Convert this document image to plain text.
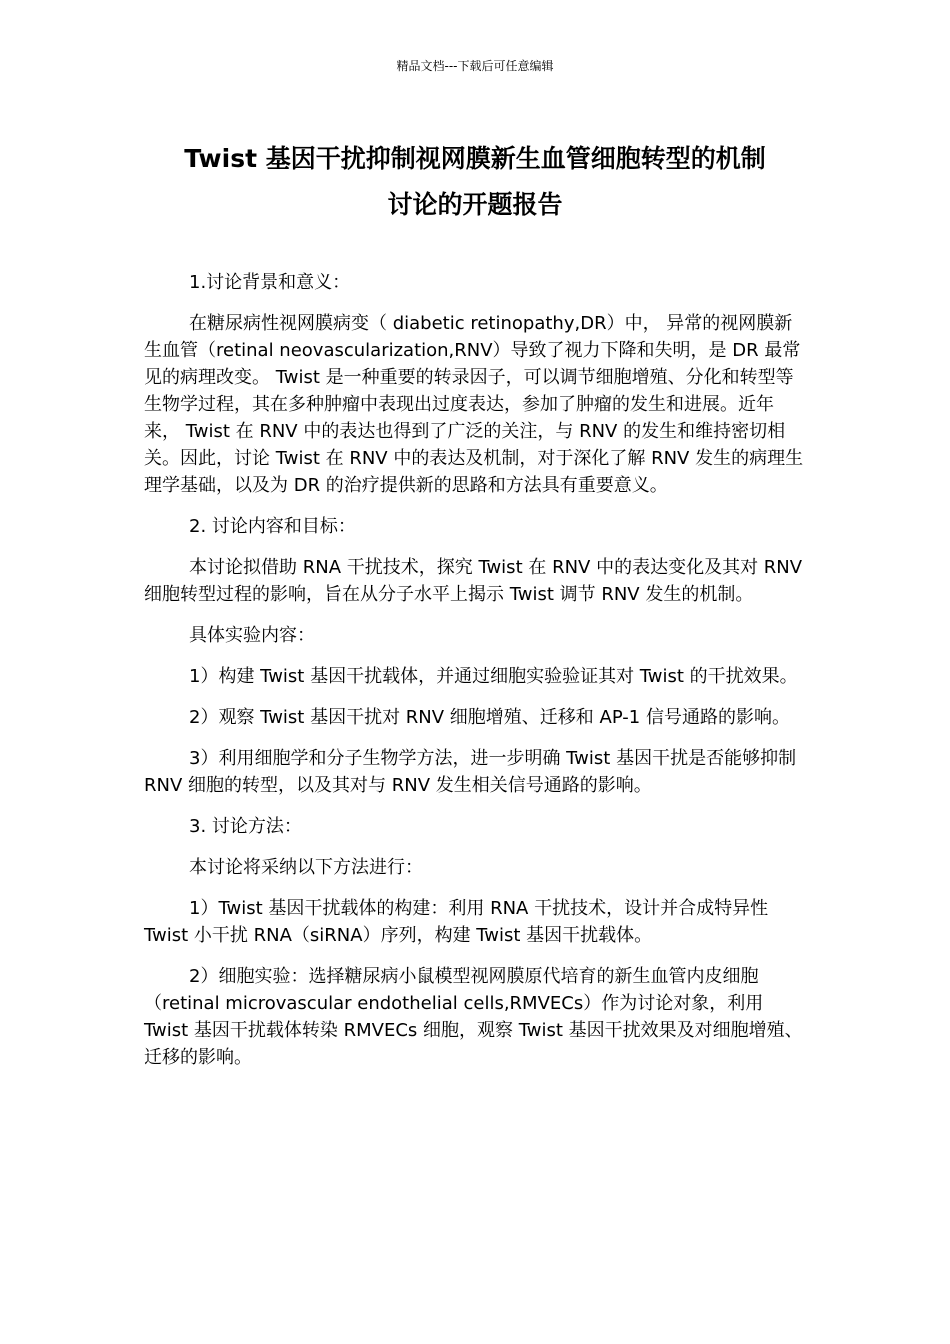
精品文档---下载后可任意编辑
Twist 基因干扰抑制视网膜新生血管细胞转型的机制
讨论的开题报告

1.讨论背景和意义：

在糖尿病性视网膜病变（ diabetic retinopathy,DR）中， 异常的视网膜新生血管（retinal neovascularization,RNV）导致了视力下降和失明，是 DR 最常见的病理改变。 Twist 是一种重要的转录因子，可以调节细胞增殖、分化和转型等生物学过程，其在多种肿瘤中表现出过度表达，参加了肿瘤的发生和进展。近年来， Twist 在 RNV 中的表达也得到了广泛的关注，与 RNV 的发生和维持密切相关。因此，讨论 Twist 在 RNV 中的表达及机制，对于深化了解 RNV 发生的病理生理学基础，以及为 DR 的治疗提供新的思路和方法具有重要意义。

2. 讨论内容和目标：

本讨论拟借助 RNA 干扰技术，探究 Twist 在 RNV 中的表达变化及其对 RNV 细胞转型过程的影响，旨在从分子水平上揭示 Twist 调节 RNV 发生的机制。

具体实验内容：

1）构建 Twist 基因干扰载体，并通过细胞实验验证其对 Twist 的干扰效果。

2）观察 Twist 基因干扰对 RNV 细胞增殖、迁移和 AP-1 信号通路的影响。

3）利用细胞学和分子生物学方法，进一步明确 Twist 基因干扰是否能够抑制 RNV 细胞的转型，以及其对与 RNV 发生相关信号通路的影响。

3. 讨论方法：

本讨论将采纳以下方法进行：

1）Twist 基因干扰载体的构建：利用 RNA 干扰技术，设计并合成特异性 Twist 小干扰 RNA（siRNA）序列，构建 Twist 基因干扰载体。

2）细胞实验：选择糖尿病小鼠模型视网膜原代培育的新生血管内皮细胞（retinal microvascular endothelial cells,RMVECs）作为讨论对象，利用 Twist 基因干扰载体转染 RMVECs 细胞，观察 Twist 基因干扰效果及对细胞增殖、迁移的影响。
